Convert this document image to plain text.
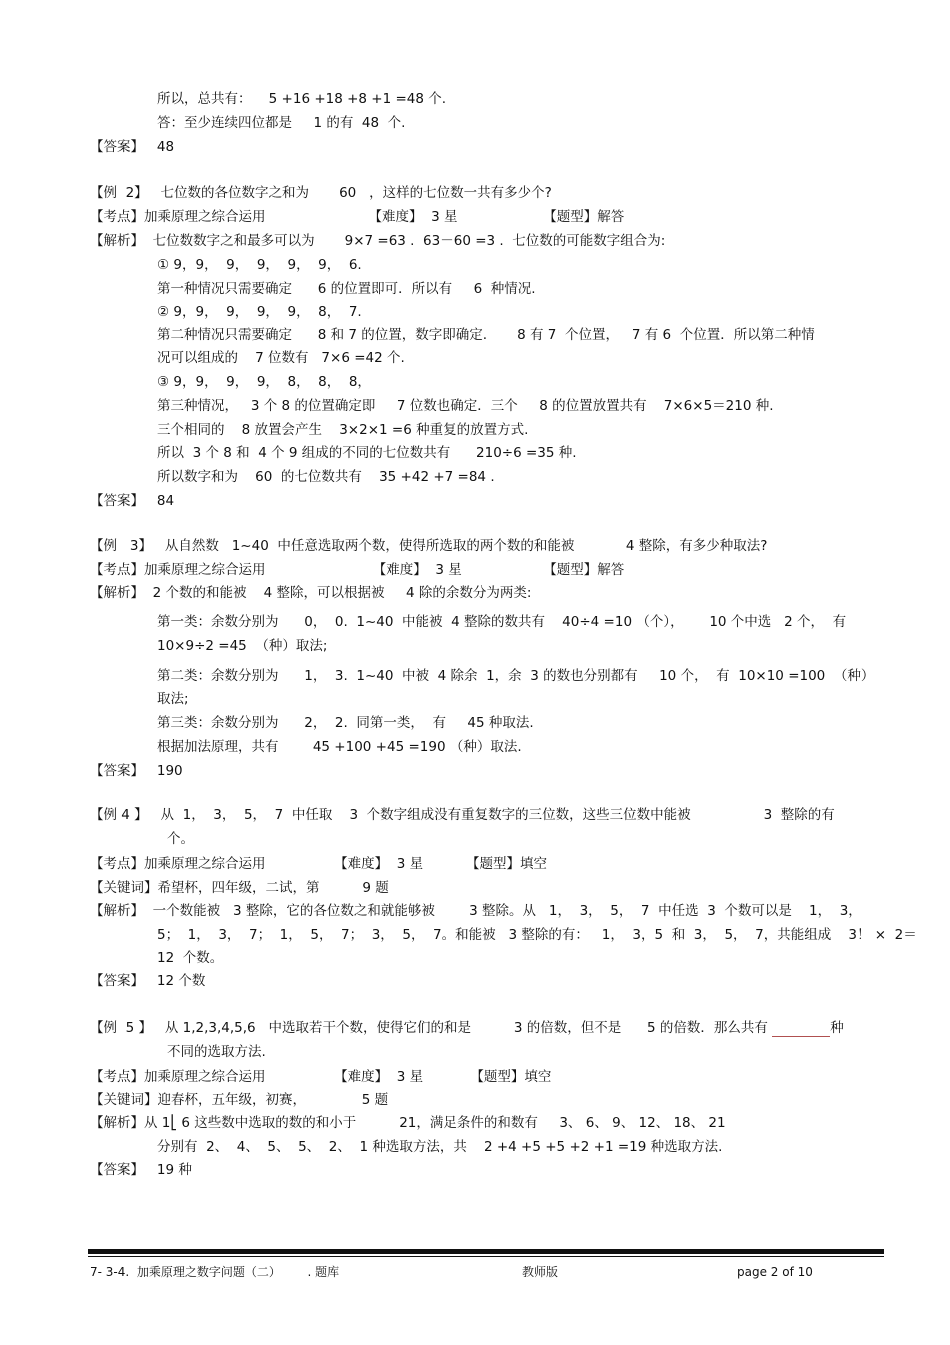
所以，总共有：    5 +16 +18 +8 +1 =48 个.
答：至少连续四位都是     1 的有  48  个.
【答案】   48
【例  2】   七位数的各位数字之和为       60   ，这样的七位数一共有多少个?
【考点】加乘原理之综合运用                        【难度】  3 星                    【题型】解答
【解析】  七位数数字之和最多可以为       9×7 =63 .  63－60 =3 .  七位数的可能数字组合为:
① 9，9，  9，  9，  9，  9，  6.
第一种情况只需要确定      6 的位置即可．所以有     6  种情况.
② 9，9，  9，  9，  9，  8，  7.
第二种情况只需要确定      8 和 7 的位置，数字即确定.       8 有 7  个位置，   7 有 6  个位置．所以第二种情
况可以组成的    7 位数有   7×6 =42 个.
③ 9，9，  9，  9，  8，  8，  8，
第三种情况，   3 个 8 的位置确定即     7 位数也确定．三个     8 的位置放置共有    7×6×5＝210 种.
三个相同的    8 放置会产生    3×2×1 =6 种重复的放置方式.
所以  3 个 8 和  4 个 9 组成的不同的七位数共有      210÷6 =35 种.
所以数字和为    60  的七位数共有    35 +42 +7 =84 .
【答案】   84
【例   3】   从自然数   1~40  中任意选取两个数，使得所选取的两个数的和能被            4 整除，有多少种取法?
【考点】加乘原理之综合运用                         【难度】  3 星                   【题型】解答
【解析】  2 个数的和能被    4 整除，可以根据被     4 除的余数分为两类:
第一类：余数分别为      0，  0.  1~40  中能被  4 整除的数共有    40÷4 =10 （个），      10 个中选   2 个，  有
10×9÷2 =45  （种）取法;
第二类：余数分别为      1，  3.  1~40  中被  4 除余  1，余  3 的数也分别都有     10 个，  有  10×10 =100  （种）
取法;
第三类：余数分别为      2，  2.  同第一类，  有     45 种取法.
根据加法原理，共有        45 +100 +45 =190 （种）取法.
【答案】   190
【例 4 】   从  1，  3，  5，  7  中任取    3  个数字组成没有重复数字的三位数，这些三位数中能被                 3  整除的有
个。
【考点】加乘原理之综合运用                【难度】  3 星          【题型】填空
【关键词】希望杯，四年级，二试，第          9 题
【解析】  一个数能被   3 整除，它的各位数之和就能够被        3 整除。从   1，  3，  5，  7  中任选  3  个数可以是    1，  3，
5；  1，  3，  7；  1，  5，  7；  3，  5，  7。和能被   3 整除的有：   1，  3，5  和  3，  5，  7，共能组成    3！ ×  2＝
12  个数。
【答案】   12 个数
【例  5 】   从 1,2,3,4,5,6   中选取若干个数，使得它们的和是          3 的倍数，但不是      5 的倍数．那么共有	种
不同的选取方法.
【考点】加乘原理之综合运用                【难度】  3 星           【题型】填空
【关键词】迎春杯，五年级，初赛，             5 题
【解析】从 1⎣ 6 这些数中选取的数的和小于          21，满足条件的和数有     3、 6、 9、 12、 18、 21
分别有  2、  4、  5、  5、  2、  1 种选取方法，共    2 +4 +5 +5 +2 +1 =19 种选取方法.
【答案】   19 种
7- 3-4.  加乘原理之数字问题（二）       . 题库	教师版	page 2 of 10
